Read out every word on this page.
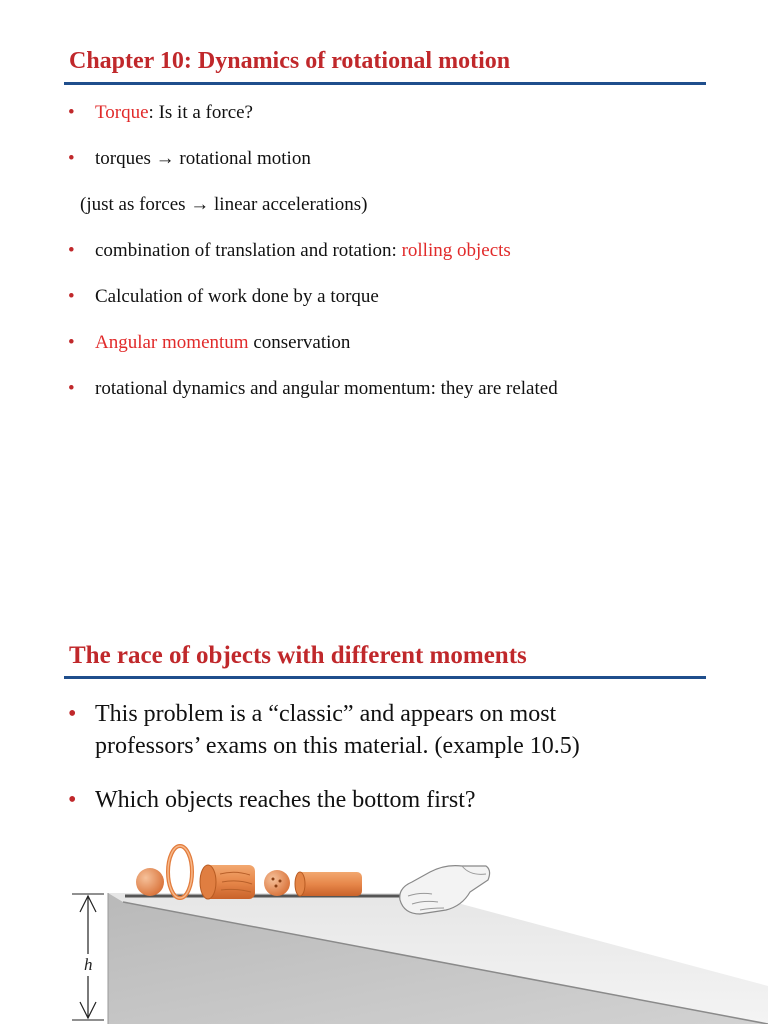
Chapter 10: Dynamics of rotational motion
• Torque: Is it a force?
• torques → rotational motion
(just as forces → linear accelerations)
• combination of translation and rotation: rolling objects
• Calculation of work done by a torque
• Angular momentum conservation
• rotational dynamics and angular momentum: they are related
The race of objects with different moments
• This problem is a “classic” and appears on most
professors’ exams on this material. (example 10.5)
• Which objects reaches the bottom first?
h
